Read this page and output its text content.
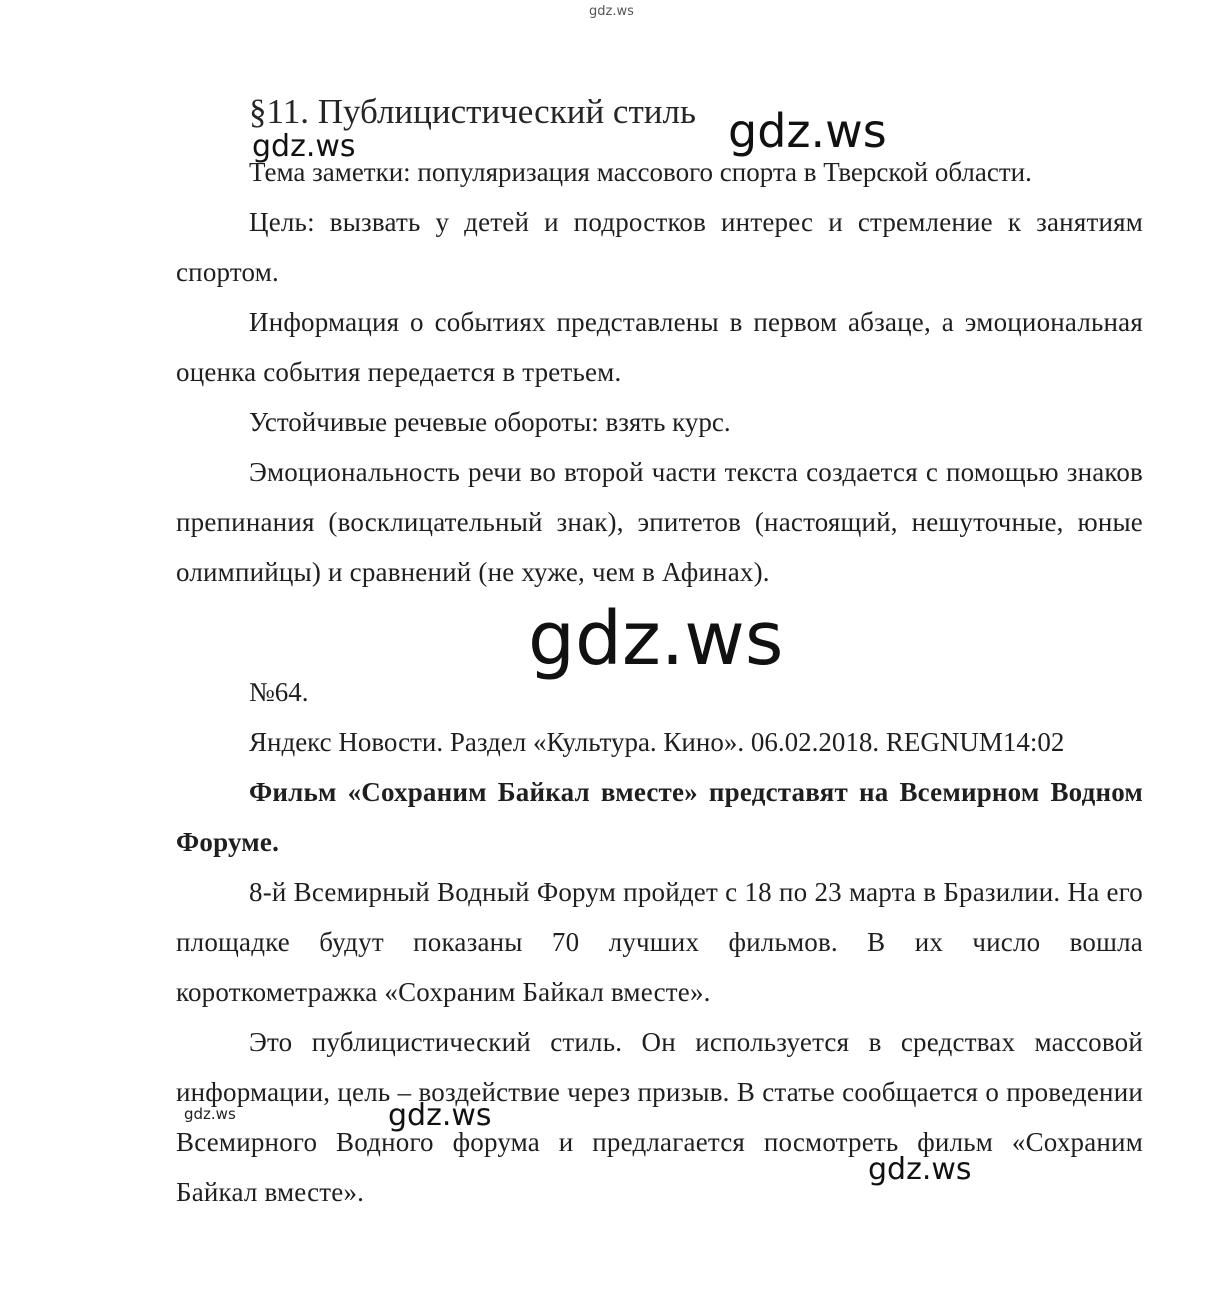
gdz.ws
§11. Публицистический стиль gdz.ws
gdz.ws
Тема заметки: популяризация массового спорта в Тверской области.
Цель: вызвать у детей и подростков интерес и стремление к занятиям спортом.
Информация о событиях представлены в первом абзаце, а эмоциональная оценка события передается в третьем.
Устойчивые речевые обороты: взять курс.
Эмоциональность речи во второй части текста создается с помощью знаков препинания (восклицательный знак), эпитетов (настоящий, нешуточные, юные олимпийцы) и сравнений (не хуже, чем в Афинах).
gdz.ws
№64.
Яндекс Новости. Раздел «Культура. Кино». 06.02.2018. REGNUM14:02
Фильм «Сохраним Байкал вместе» представят на Всемирном Водном Форуме.
8-й Всемирный Водный Форум пройдет с 18 по 23 марта в Бразилии. На его площадке будут показаны 70 лучших фильмов. В их число вошла короткометражка «Сохраним Байкал вместе».
Это публицистический стиль. Он используется в средствах массовой информации, цель – воздействие через призыв. В статье сообщается о проведении Всемирного Водного форума и предлагается посмотреть фильм «Сохраним Байкал вместе».
gdz.ws	gdz.ws
gdz.ws
